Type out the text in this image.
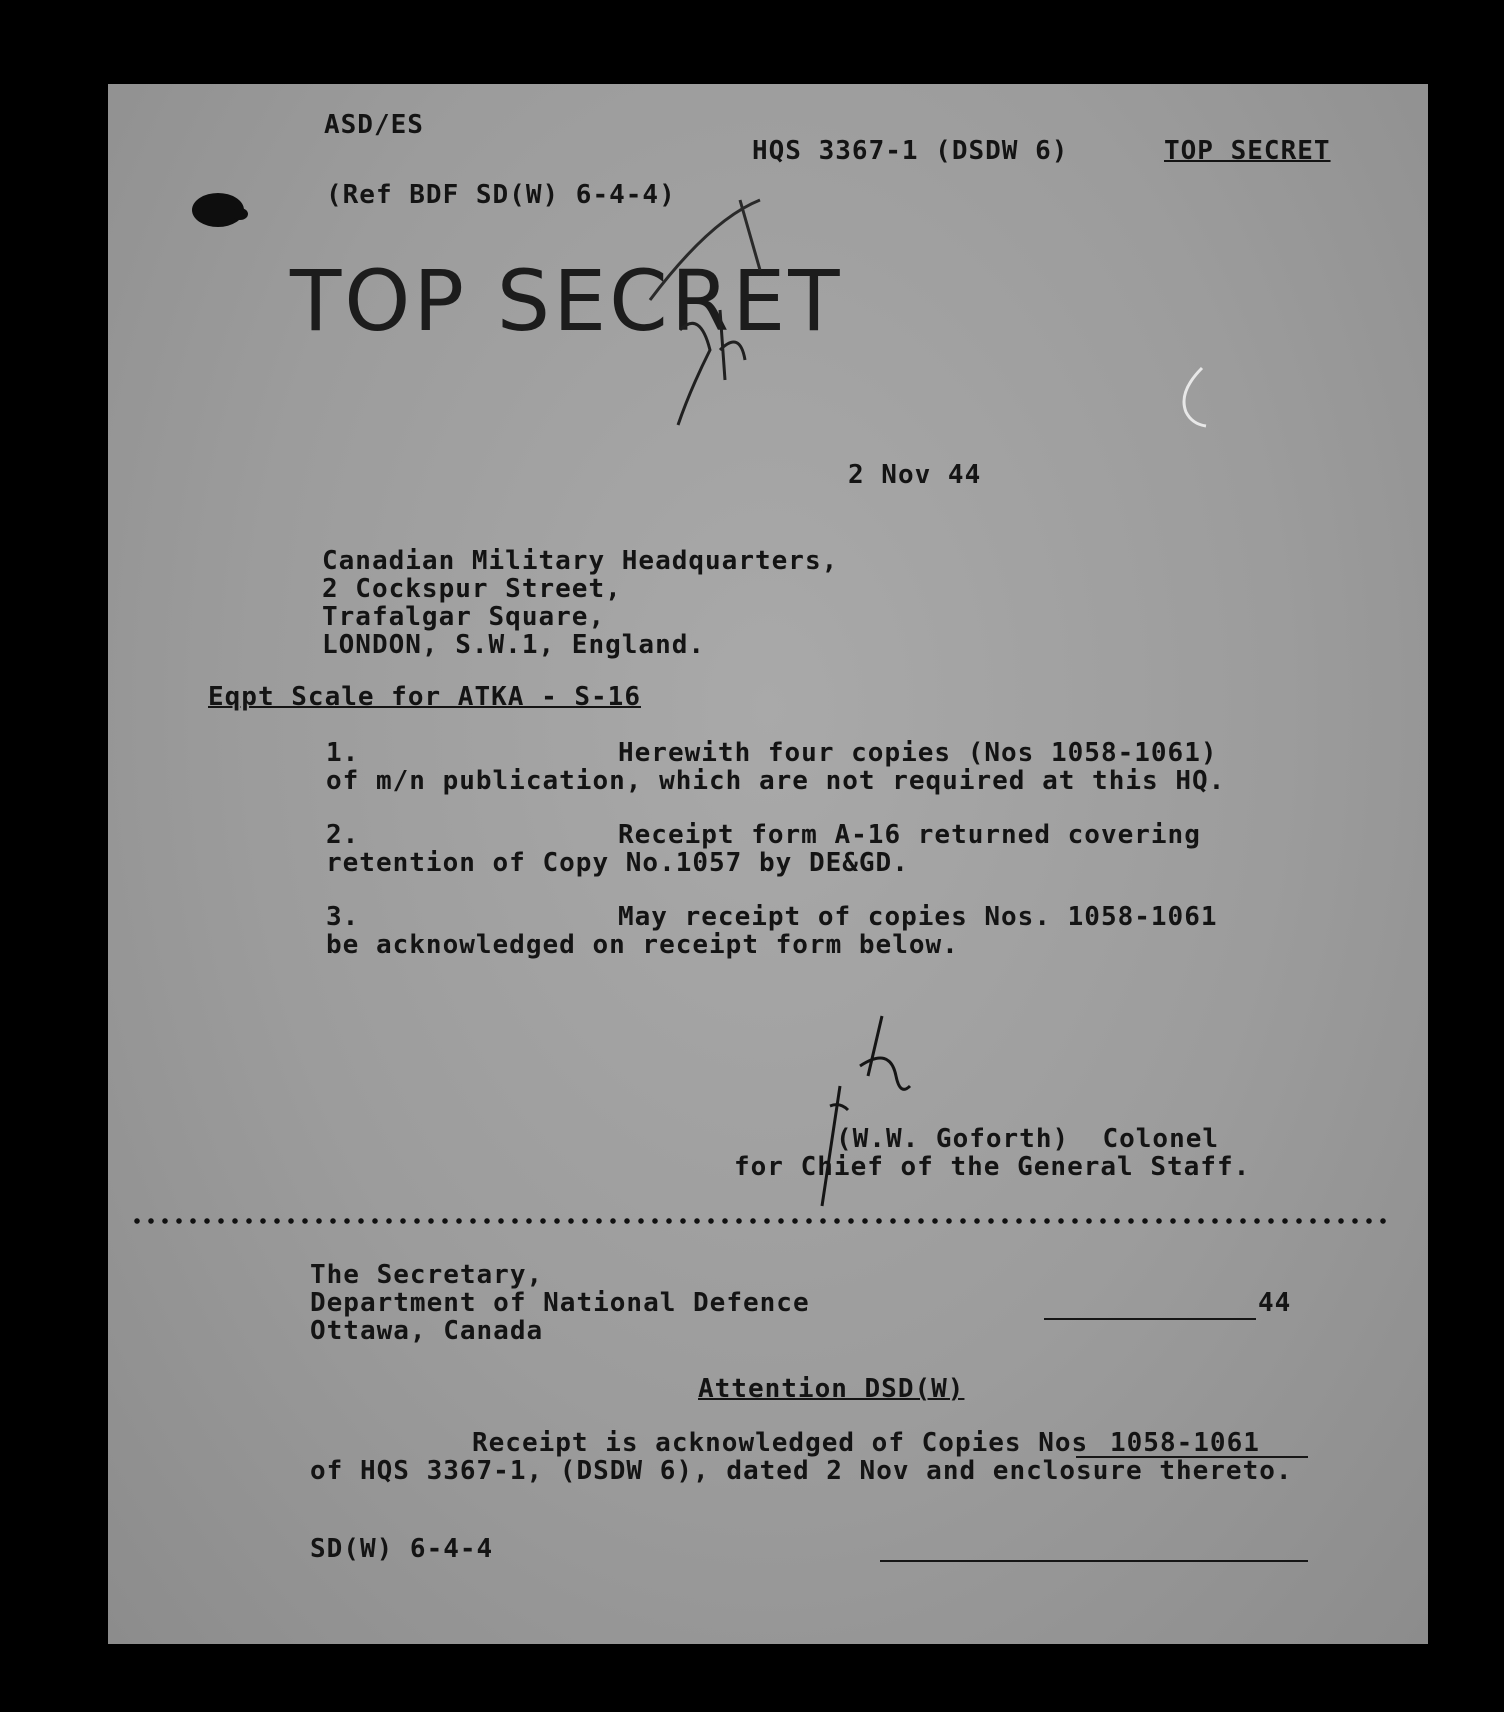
ASD/ES
HQS 3367-1 (DSDW 6)	TOP SECRET
(Ref BDF SD(W) 6-4-4)
TOP SECRET
2 Nov 44
Canadian Military Headquarters,
2 Cockspur Street,
Trafalgar Square,
LONDON, S.W.1, England.
Eqpt Scale for ATKA - S-16
1.	Herewith four copies (Nos 1058-1061)
of m/n publication, which are not required at this HQ.
2.	Receipt form A-16 returned covering
retention of Copy No.1057 by DE&GD.
3.	May receipt of copies Nos. 1058-1061
be acknowledged on receipt form below.
(W.W. Goforth)  Colonel
for Chief of the General Staff.
The Secretary,
Department of National Defence
Ottawa, Canada
44
Attention DSD(W)
Receipt is acknowledged of Copies Nos 1058-1061
of HQS 3367-1, (DSDW 6), dated 2 Nov and enclosure thereto.
SD(W) 6-4-4
